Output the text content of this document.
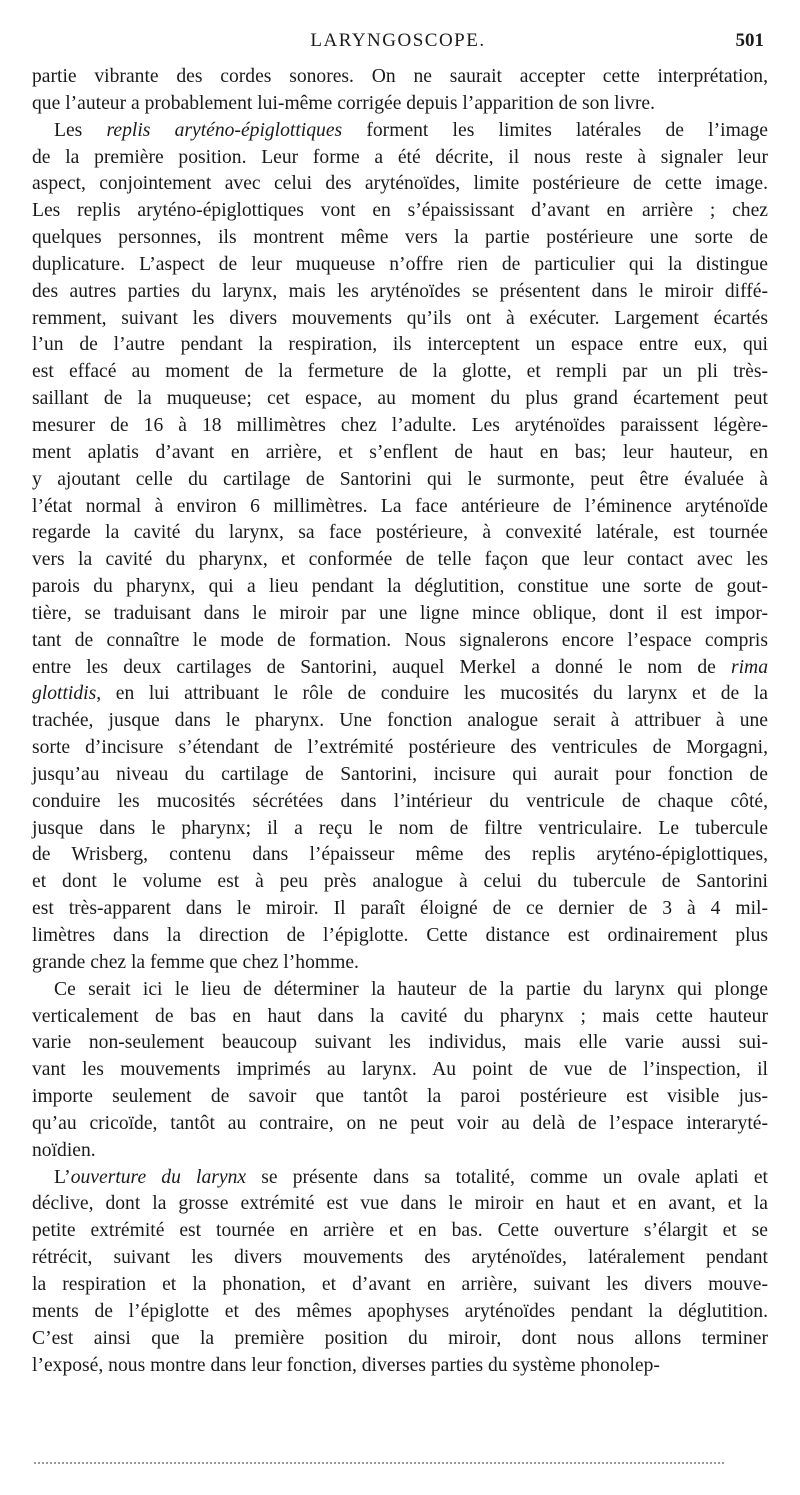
LARYNGOSCOPE.	501
partie vibrante des cordes sonores. On ne saurait accepter cette interprétation,
que l’auteur a probablement lui-même corrigée depuis l’apparition de son livre.
Les replis aryténo-épiglottiques forment les limites latérales de l’image
de la première position. Leur forme a été décrite, il nous reste à signaler leur
aspect, conjointement avec celui des aryténoïdes, limite postérieure de cette image.
Les replis aryténo-épiglottiques vont en s’épaississant d’avant en arrière ; chez
quelques personnes, ils montrent même vers la partie postérieure une sorte de
duplicature. L’aspect de leur muqueuse n’offre rien de particulier qui la distingue
des autres parties du larynx, mais les aryténoïdes se présentent dans le miroir diffé-
remment, suivant les divers mouvements qu’ils ont à exécuter. Largement écartés
l’un de l’autre pendant la respiration, ils interceptent un espace entre eux, qui
est effacé au moment de la fermeture de la glotte, et rempli par un pli très-
saillant de la muqueuse; cet espace, au moment du plus grand écartement peut
mesurer de 16 à 18 millimètres chez l’adulte. Les aryténoïdes paraissent légère-
ment aplatis d’avant en arrière, et s’enflent de haut en bas; leur hauteur, en
y ajoutant celle du cartilage de Santorini qui le surmonte, peut être évaluée à
l’état normal à environ 6 millimètres. La face antérieure de l’éminence aryténoïde
regarde la cavité du larynx, sa face postérieure, à convexité latérale, est tournée
vers la cavité du pharynx, et conformée de telle façon que leur contact avec les
parois du pharynx, qui a lieu pendant la déglutition, constitue une sorte de gout-
tière, se traduisant dans le miroir par une ligne mince oblique, dont il est impor-
tant de connaître le mode de formation. Nous signalerons encore l’espace compris
entre les deux cartilages de Santorini, auquel Merkel a donné le nom de rima
glottidis, en lui attribuant le rôle de conduire les mucosités du larynx et de la
trachée, jusque dans le pharynx. Une fonction analogue serait à attribuer à une
sorte d’incisure s’étendant de l’extrémité postérieure des ventricules de Morgagni,
jusqu’au niveau du cartilage de Santorini, incisure qui aurait pour fonction de
conduire les mucosités sécrétées dans l’intérieur du ventricule de chaque côté,
jusque dans le pharynx; il a reçu le nom de filtre ventriculaire. Le tubercule
de Wrisberg, contenu dans l’épaisseur même des replis aryténo-épiglottiques,
et dont le volume est à peu près analogue à celui du tubercule de Santorini
est très-apparent dans le miroir. Il paraît éloigné de ce dernier de 3 à 4 mil-
limètres dans la direction de l’épiglotte. Cette distance est ordinairement plus
grande chez la femme que chez l’homme.
Ce serait ici le lieu de déterminer la hauteur de la partie du larynx qui plonge
verticalement de bas en haut dans la cavité du pharynx ; mais cette hauteur
varie non-seulement beaucoup suivant les individus, mais elle varie aussi sui-
vant les mouvements imprimés au larynx. Au point de vue de l’inspection, il
importe seulement de savoir que tantôt la paroi postérieure est visible jus-
qu’au cricoïde, tantôt au contraire, on ne peut voir au delà de l’espace interaryté-
noïdien.
L’ouverture du larynx se présente dans sa totalité, comme un ovale aplati et
déclive, dont la grosse extrémité est vue dans le miroir en haut et en avant, et la
petite extrémité est tournée en arrière et en bas. Cette ouverture s’élargit et se
rétrécit, suivant les divers mouvements des aryténoïdes, latéralement pendant
la respiration et la phonation, et d’avant en arrière, suivant les divers mouve-
ments de l’épiglotte et des mêmes apophyses aryténoïdes pendant la déglutition.
C’est ainsi que la première position du miroir, dont nous allons terminer
l’exposé, nous montre dans leur fonction, diverses parties du système phonolep-
